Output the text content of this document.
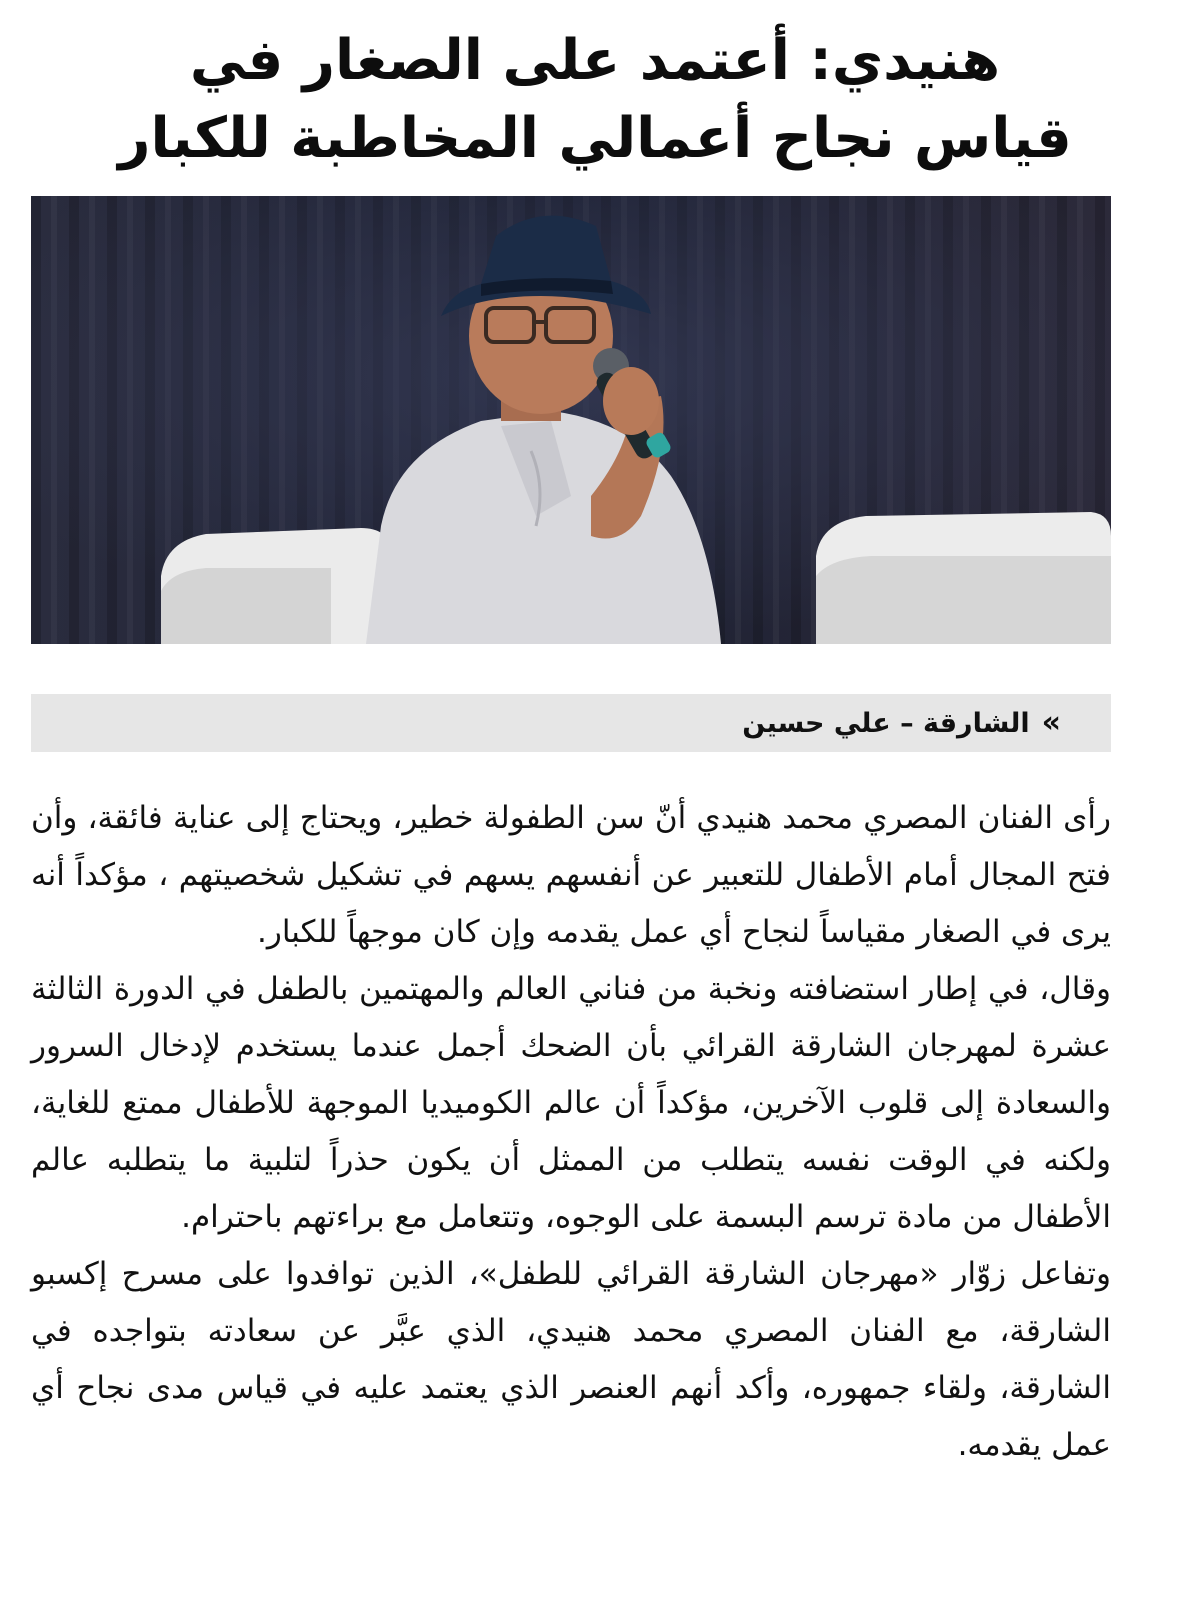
هنيدي: أعتمد على الصغار في
قياس نجاح أعمالي المخاطبة للكبار
»الشارقة – علي حسين

رأى الفنان المصري محمد هنيدي أنّ سن الطفولة خطير، ويحتاج إلى عناية فائقة، وأن فتح المجال أمام الأطفال للتعبير عن أنفسهم يسهم في تشكيل شخصيتهم ، مؤكداً أنه يرى في الصغار مقياساً لنجاح أي عمل يقدمه وإن كان موجهاً للكبار.

وقال، في إطار استضافته ونخبة من فناني العالم والمهتمين بالطفل في الدورة الثالثة عشرة لمهرجان الشارقة القرائي بأن الضحك أجمل عندما يستخدم لإدخال السرور والسعادة إلى قلوب الآخرين، مؤكداً أن عالم الكوميديا الموجهة للأطفال ممتع للغاية، ولكنه في الوقت نفسه يتطلب من الممثل أن يكون حذراً لتلبية ما يتطلبه عالم الأطفال من مادة ترسم البسمة على الوجوه، وتتعامل مع براءتهم باحترام.

وتفاعل زوّار «مهرجان الشارقة القرائي للطفل»، الذين توافدوا على مسرح إكسبو الشارقة، مع الفنان المصري محمد هنيدي، الذي عبَّر عن سعادته بتواجده في الشارقة، ولقاء جمهوره، وأكد أنهم العنصر الذي يعتمد عليه في قياس مدى نجاح أي عمل يقدمه.
